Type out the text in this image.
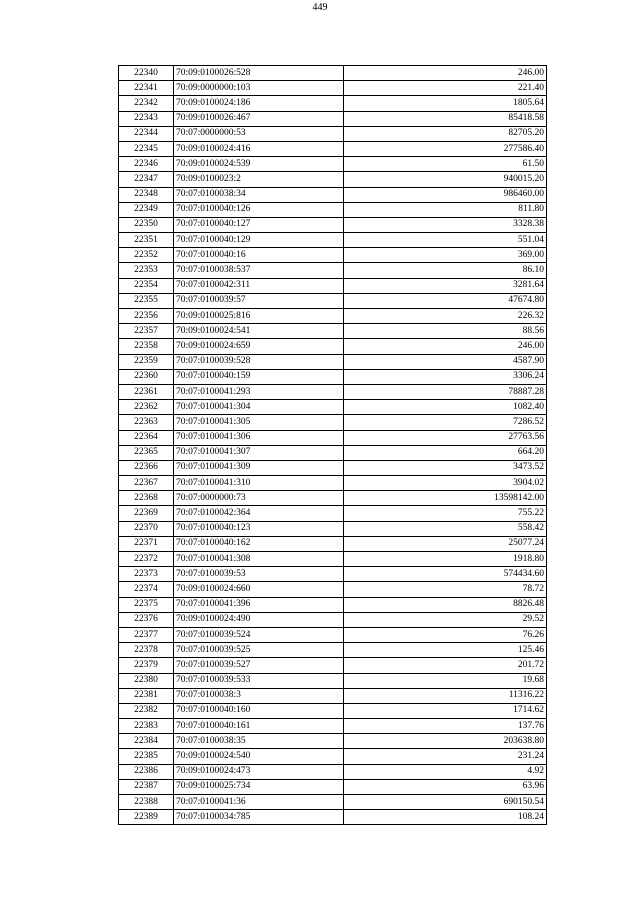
449
22340	70:09:0100026:528	246.00
22341	70:09:0000000:103	221.40
22342	70:09:0100024:186	1805.64
22343	70:09:0100026:467	85418.58
22344	70:07:0000000:53	82705.20
22345	70:09:0100024:416	277586.40
22346	70:09:0100024:539	61.50
22347	70:09:0100023:2	940015.20
22348	70:07:0100038:34	986460.00
22349	70:07:0100040:126	811.80
22350	70:07:0100040:127	3328.38
22351	70:07:0100040:129	551.04
22352	70:07:0100040:16	369.00
22353	70:07:0100038:537	86.10
22354	70:07:0100042:311	3281.64
22355	70:07:0100039:57	47674.80
22356	70:09:0100025:816	226.32
22357	70:09:0100024:541	88.56
22358	70:09:0100024:659	246.00
22359	70:07:0100039:528	4587.90
22360	70:07:0100040:159	3306.24
22361	70:07:0100041:293	78887.28
22362	70:07:0100041:304	1082.40
22363	70:07:0100041:305	7286.52
22364	70:07:0100041:306	27763.56
22365	70:07:0100041:307	664.20
22366	70:07:0100041:309	3473.52
22367	70:07:0100041:310	3904.02
22368	70:07:0000000:73	13598142.00
22369	70:07:0100042:364	755.22
22370	70:07:0100040:123	558.42
22371	70:07:0100040:162	25077.24
22372	70:07:0100041:308	1918.80
22373	70:07:0100039:53	574434.60
22374	70:09:0100024:660	78.72
22375	70:07:0100041:396	8826.48
22376	70:09:0100024:490	29.52
22377	70:07:0100039:524	76.26
22378	70:07:0100039:525	125.46
22379	70:07:0100039:527	201.72
22380	70:07:0100039:533	19.68
22381	70:07:0100038:3	11316.22
22382	70:07:0100040:160	1714.62
22383	70:07:0100040:161	137.76
22384	70:07:0100038:35	203638.80
22385	70:09:0100024:540	231.24
22386	70:09:0100024:473	4.92
22387	70:09:0100025:734	63.96
22388	70:07:0100041:36	690150.54
22389	70:07:0100034:785	108.24
